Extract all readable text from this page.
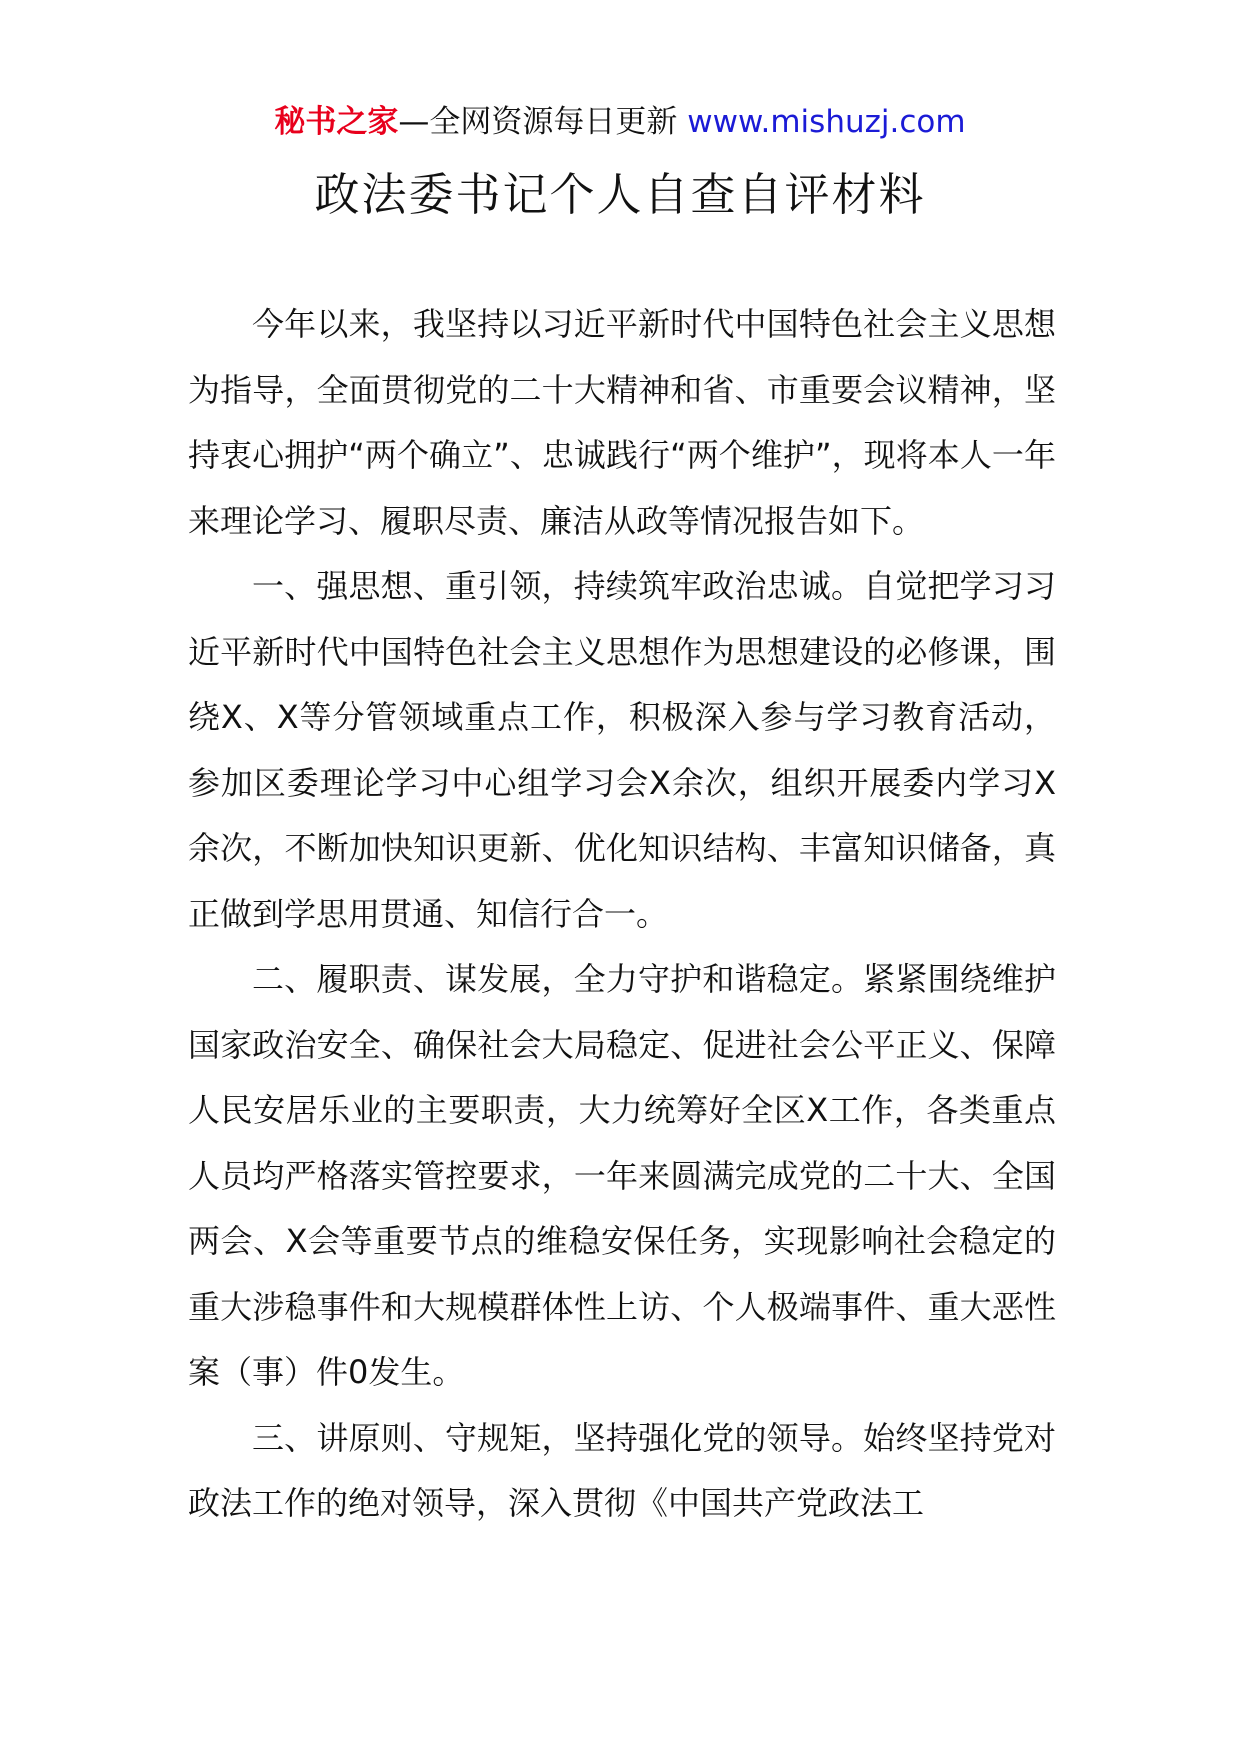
秘书之家—全网资源每日更新 www.mishuzj.com
政法委书记个人自查自评材料

今年以来，我坚持以习近平新时代中国特色社会主义思想为指导，全面贯彻党的二十大精神和省、市重要会议精神，坚持衷心拥护“两个确立”、忠诚践行“两个维护”，现将本人一年来理论学习、履职尽责、廉洁从政等情况报告如下。

一、强思想、重引领，持续筑牢政治忠诚。自觉把学习习近平新时代中国特色社会主义思想作为思想建设的必修课，围绕X、X等分管领域重点工作，积极深入参与学习教育活动，参加区委理论学习中心组学习会X余次，组织开展委内学习X余次，不断加快知识更新、优化知识结构、丰富知识储备，真正做到学思用贯通、知信行合一。

二、履职责、谋发展，全力守护和谐稳定。紧紧围绕维护国家政治安全、确保社会大局稳定、促进社会公平正义、保障人民安居乐业的主要职责，大力统筹好全区X工作，各类重点人员均严格落实管控要求，一年来圆满完成党的二十大、全国两会、X会等重要节点的维稳安保任务，实现影响社会稳定的重大涉稳事件和大规模群体性上访、个人极端事件、重大恶性案（事）件0发生。

三、讲原则、守规矩，坚持强化党的领导。始终坚持党对政法工作的绝对领导，深入贯彻《中国共产党政法工
